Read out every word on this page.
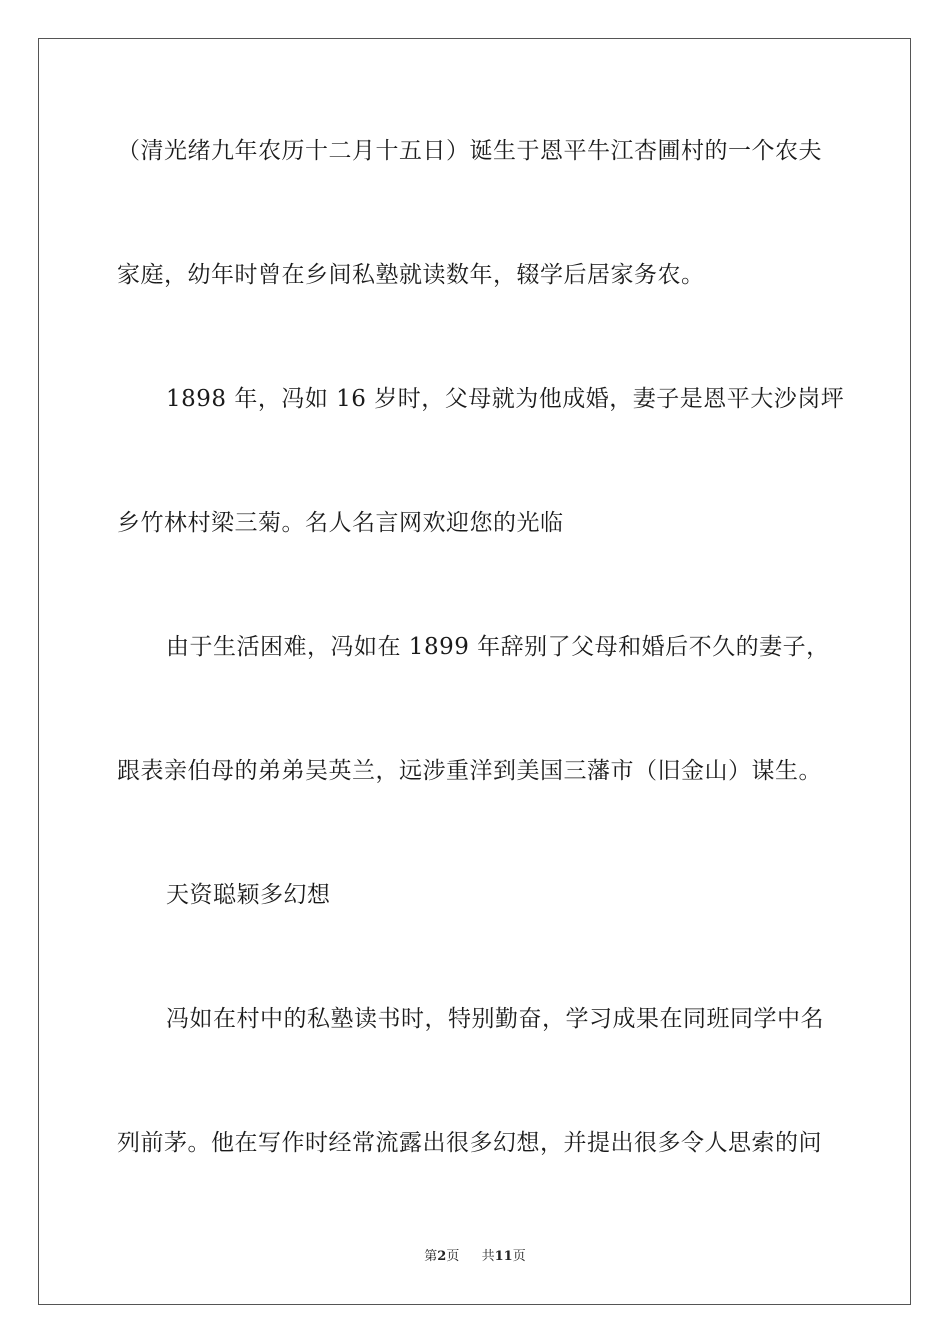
（清光绪九年农历十二月十五日）诞生于恩平牛江杏圃村的一个农夫
家庭，幼年时曾在乡间私塾就读数年，辍学后居家务农。
1898 年，冯如 16 岁时，父母就为他成婚，妻子是恩平大沙岗坪
乡竹林村梁三菊。名人名言网欢迎您的光临
由于生活困难，冯如在 1899 年辞别了父母和婚后不久的妻子，
跟表亲伯母的弟弟吴英兰，远涉重洋到美国三藩市（旧金山）谋生。
天资聪颖多幻想
冯如在村中的私塾读书时，特别勤奋，学习成果在同班同学中名
列前茅。他在写作时经常流露出很多幻想，并提出很多令人思索的问
第2页 共11页
